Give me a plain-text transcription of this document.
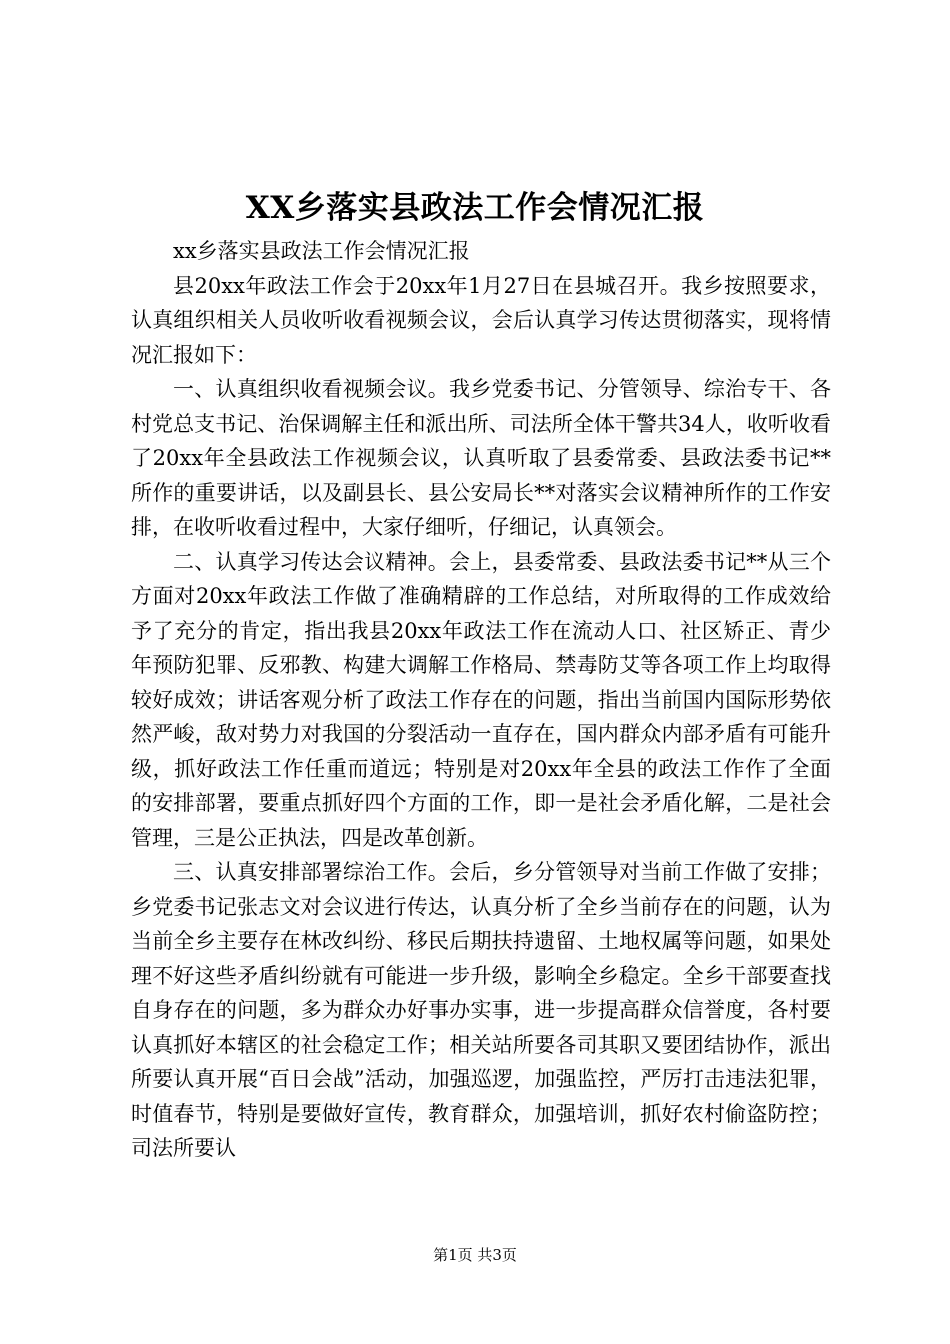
XX乡落实县政法工作会情况汇报

xx乡落实县政法工作会情况汇报

县20xx年政法工作会于20xx年1月27日在县城召开。我乡按照要求，认真组织相关人员收听收看视频会议，会后认真学习传达贯彻落实，现将情况汇报如下：

一、认真组织收看视频会议。我乡党委书记、分管领导、综治专干、各村党总支书记、治保调解主任和派出所、司法所全体干警共34人，收听收看了20xx年全县政法工作视频会议，认真听取了县委常委、县政法委书记**所作的重要讲话，以及副县长、县公安局长**对落实会议精神所作的工作安排，在收听收看过程中，大家仔细听，仔细记，认真领会。

二、认真学习传达会议精神。会上，县委常委、县政法委书记**从三个方面对20xx年政法工作做了准确精辟的工作总结，对所取得的工作成效给予了充分的肯定，指出我县20xx年政法工作在流动人口、社区矫正、青少年预防犯罪、反邪教、构建大调解工作格局、禁毒防艾等各项工作上均取得较好成效；讲话客观分析了政法工作存在的问题，指出当前国内国际形势依然严峻，敌对势力对我国的分裂活动一直存在，国内群众内部矛盾有可能升级，抓好政法工作任重而道远；特别是对20xx年全县的政法工作作了全面的安排部署，要重点抓好四个方面的工作，即一是社会矛盾化解，二是社会管理，三是公正执法，四是改革创新。

三、认真安排部署综治工作。会后，乡分管领导对当前工作做了安排；乡党委书记张志文对会议进行传达，认真分析了全乡当前存在的问题，认为当前全乡主要存在林改纠纷、移民后期扶持遗留、土地权属等问题，如果处理不好这些矛盾纠纷就有可能进一步升级，影响全乡稳定。全乡干部要查找自身存在的问题，多为群众办好事办实事，进一步提高群众信誉度，各村要认真抓好本辖区的社会稳定工作；相关站所要各司其职又要团结协作，派出所要认真开展“百日会战”活动，加强巡逻，加强监控，严厉打击违法犯罪，时值春节，特别是要做好宣传，教育群众，加强培训，抓好农村偷盗防控；司法所要认

第1页 共3页
